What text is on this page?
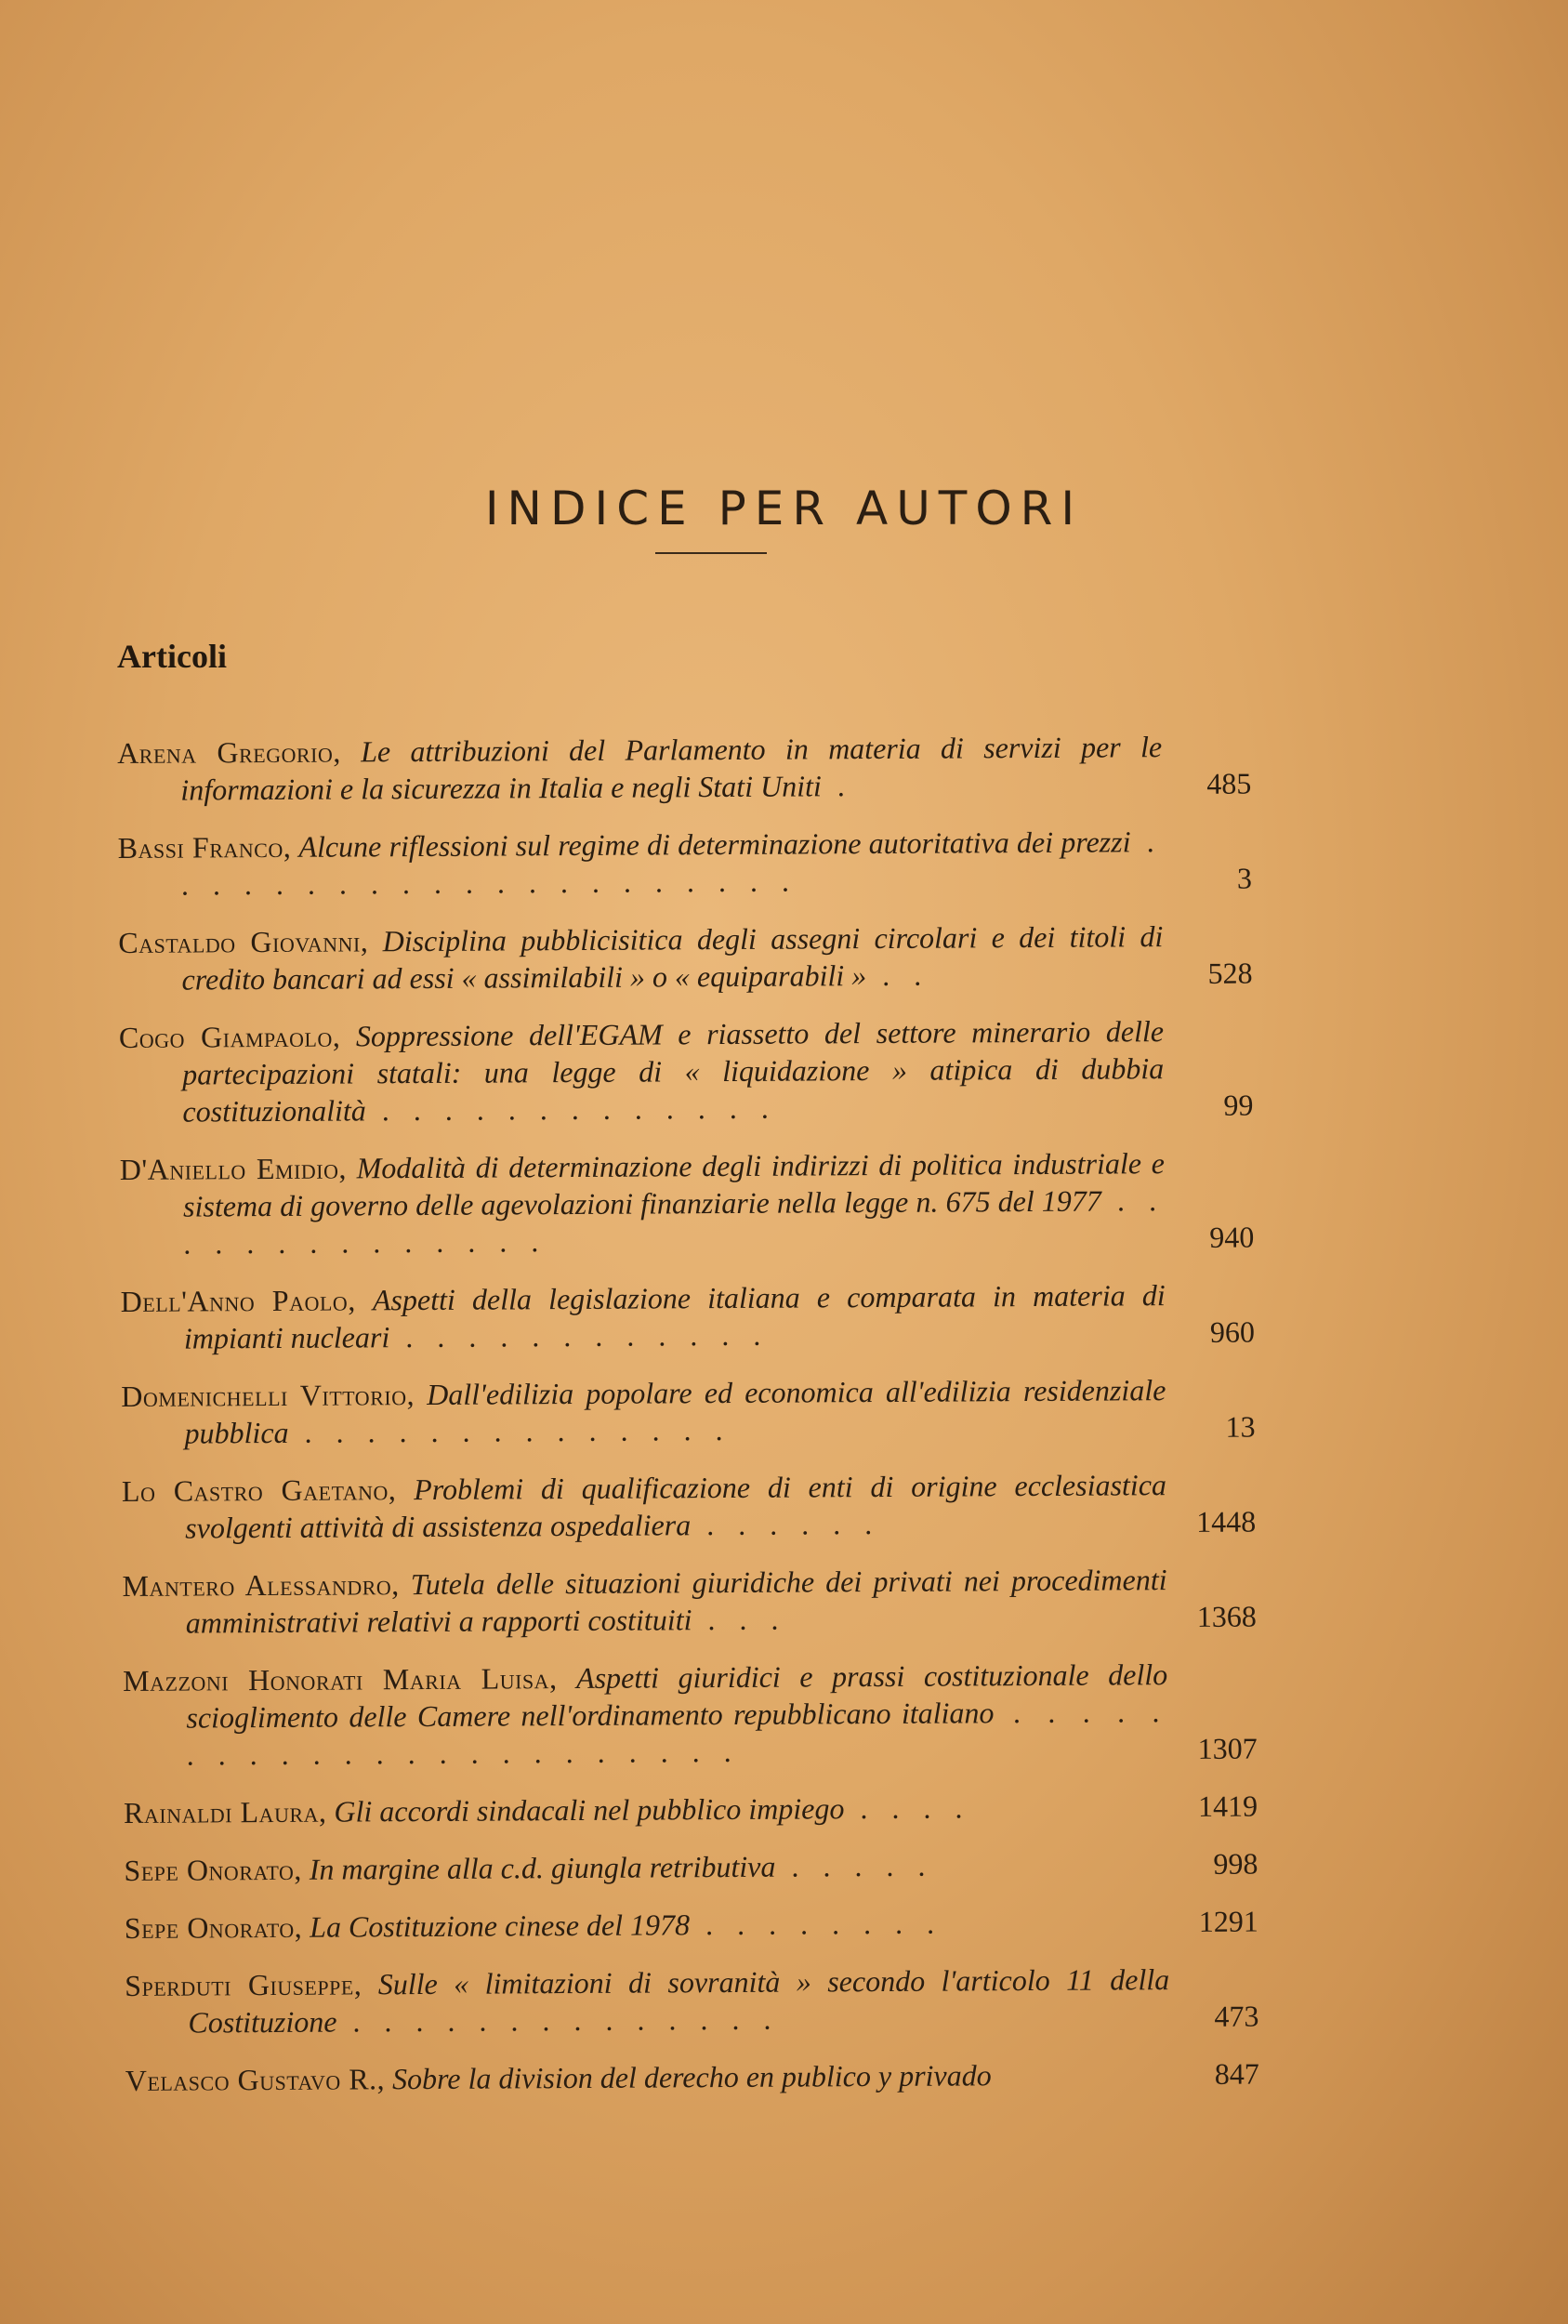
INDICE PER AUTORI
Articoli
Arena Gregorio, Le attribuzioni del Parlamento in materia di servizi per le informazioni e la sicurezza in Italia e negli Stati Uniti .	485
Bassi Franco, Alcune riflessioni sul regime di determinazione autoritativa dei prezzi . . . . . . . . . . . . . . . . . . . . .	3
Castaldo Giovanni, Disciplina pubblicisitica degli assegni circolari e dei titoli di credito bancari ad essi « assimilabili » o « equiparabili » . .	528
Cogo Giampaolo, Soppressione dell'EGAM e riassetto del settore minerario delle partecipazioni statali: una legge di « liquidazione » atipica di dubbia costituzionalità . . . . . . . . . . . . .	99
D'Aniello Emidio, Modalità di determinazione degli indirizzi di politica industriale e sistema di governo delle agevolazioni finanziarie nella legge n. 675 del 1977 . . . . . . . . . . . . . .	940
Dell'Anno Paolo, Aspetti della legislazione italiana e comparata in materia di impianti nucleari . . . . . . . . . . . .	960
Domenichelli Vittorio, Dall'edilizia popolare ed economica all'edilizia residenziale pubblica . . . . . . . . . . . . . .	13
Lo Castro Gaetano, Problemi di qualificazione di enti di origine ecclesiastica svolgenti attività di assistenza ospedaliera . . . . . .	1448
Mantero Alessandro, Tutela delle situazioni giuridiche dei privati nei procedimenti amministrativi relativi a rapporti costituiti . . .	1368
Mazzoni Honorati Maria Luisa, Aspetti giuridici e prassi costituzionale dello scioglimento delle Camere nell'ordinamento repubblicano italiano . . . . . . . . . . . . . . . . . . . . . . .	1307
Rainaldi Laura, Gli accordi sindacali nel pubblico impiego . . . .	1419
Sepe Onorato, In margine alla c.d. giungla retributiva . . . . .	998
Sepe Onorato, La Costituzione cinese del 1978 . . . . . . . .	1291
Sperduti Giuseppe, Sulle « limitazioni di sovranità » secondo l'articolo 11 della Costituzione . . . . . . . . . . . . . .	473
Velasco Gustavo R., Sobre la division del derecho en publico y privado	847
